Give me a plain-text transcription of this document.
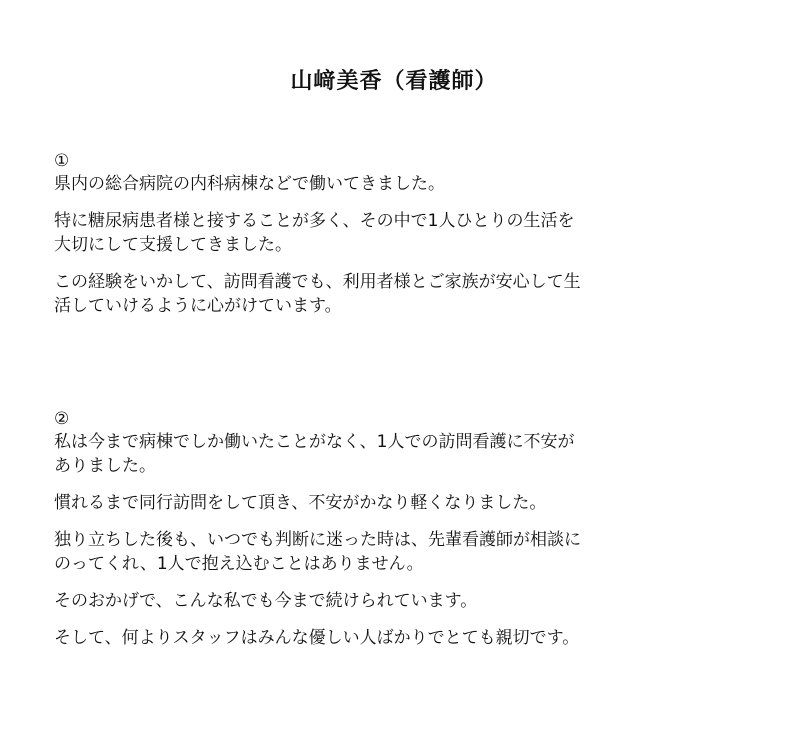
山﨑美香（看護師）
①

県内の総合病院の内科病棟などで働いてきました。

特に糖尿病患者様と接することが多く、その中で1人ひとりの生活を
大切にして支援してきました。

この経験をいかして、訪問看護でも、利用者様とご家族が安心して生
活していけるように心がけています。

②

私は今まで病棟でしか働いたことがなく、1人での訪問看護に不安が
ありました。

慣れるまで同行訪問をして頂き、不安がかなり軽くなりました。

独り立ちした後も、いつでも判断に迷った時は、先輩看護師が相談に
のってくれ、1人で抱え込むことはありません。

そのおかげで、こんな私でも今まで続けられています。

そして、何よりスタッフはみんな優しい人ばかりでとても親切です。
